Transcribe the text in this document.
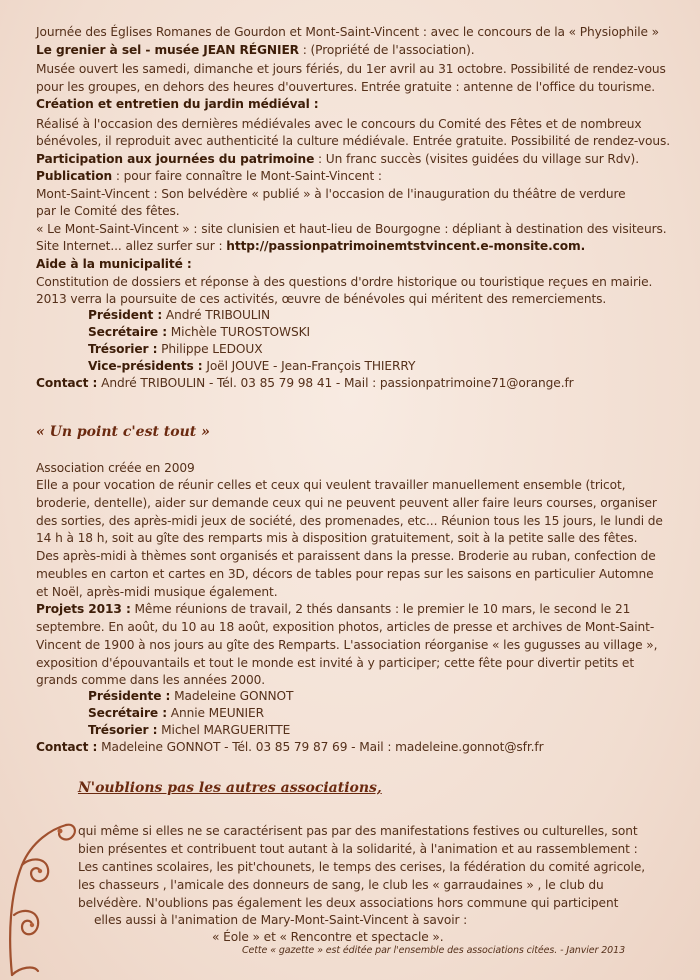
Journée des Églises Romanes de Gourdon et Mont-Saint-Vincent : avec le concours de la « Physiophile »
Le grenier à sel - musée JEAN RÉGNIER : (Propriété de l'association).
Musée ouvert les samedi, dimanche et jours fériés, du 1er avril au 31 octobre. Possibilité de rendez-vous
pour les groupes, en dehors des heures d'ouvertures. Entrée gratuite : antenne de l'office du tourisme.
Création et entretien du jardin médiéval :
Réalisé à l'occasion des dernières médiévales avec le concours du Comité des Fêtes et de nombreux
bénévoles, il reproduit avec authenticité la culture médiévale. Entrée gratuite. Possibilité de rendez-vous.
Participation aux journées du patrimoine : Un franc succès (visites guidées du village sur Rdv).
Publication : pour faire connaître le Mont-Saint-Vincent :
Mont-Saint-Vincent : Son belvédère « publié » à l'occasion de l'inauguration du théâtre de verdure
par le Comité des fêtes.
« Le Mont-Saint-Vincent » : site clunisien et haut-lieu de Bourgogne : dépliant à destination des visiteurs.
Site Internet... allez surfer sur : http://passionpatrimoinemtstvincent.e-monsite.com.
Aide à la municipalité :
Constitution de dossiers et réponse à des questions d'ordre historique ou touristique reçues en mairie.
2013 verra la poursuite de ces activités, œuvre de bénévoles qui méritent des remerciements.
Président : André TRIBOULIN
Secrétaire : Michèle TUROSTOWSKI
Trésorier : Philippe LEDOUX
Vice-présidents : Joël JOUVE - Jean-François THIERRY
Contact : André TRIBOULIN - Tél. 03 85 79 98 41 - Mail : passionpatrimoine71@orange.fr
« Un point c'est tout »
Association créée en 2009
Elle a pour vocation de réunir celles et ceux qui veulent travailler manuellement ensemble (tricot,
broderie, dentelle), aider sur demande ceux qui ne peuvent peuvent aller faire leurs courses, organiser
des sorties, des après-midi jeux de société, des promenades, etc... Réunion tous les 15 jours, le lundi de
14 h à 18 h, soit au gîte des remparts mis à disposition gratuitement, soit à la petite salle des fêtes.
Des après-midi à thèmes sont organisés et paraissent dans la presse. Broderie au ruban, confection de
meubles en carton et cartes en 3D, décors de tables pour repas sur les saisons en particulier Automne
et Noël, après-midi musique également.
Projets 2013 : Même réunions de travail, 2 thés dansants : le premier le 10 mars, le second le 21
septembre. En août, du 10 au 18 août, exposition photos, articles de presse et archives de Mont-Saint-
Vincent de 1900 à nos jours au gîte des Remparts. L'association réorganise « les gugusses au village »,
exposition d'épouvantails et tout le monde est invité à y participer; cette fête pour divertir petits et
grands comme dans les années 2000.
Présidente : Madeleine GONNOT
Secrétaire : Annie MEUNIER
Trésorier : Michel MARGUERITTE
Contact : Madeleine GONNOT - Tél. 03 85 79 87 69 - Mail : madeleine.gonnot@sfr.fr
N'oublions pas les autres associations,
qui même si elles ne se caractérisent pas par des manifestations festives ou culturelles, sont
bien présentes et contribuent tout autant à la solidarité, à l'animation et au rassemblement :
Les cantines scolaires, les pit'chounets, le temps des cerises, la fédération du comité agricole,
les chasseurs , l'amicale des donneurs de sang, le club les « garraudaines » , le club du
belvédère. N'oublions pas également les deux associations hors commune qui participent
elles aussi à l'animation de Mary-Mont-Saint-Vincent à savoir :
« Éole » et « Rencontre et spectacle ».
Cette « gazette » est éditée par l'ensemble des associations citées. - Janvier 2013
